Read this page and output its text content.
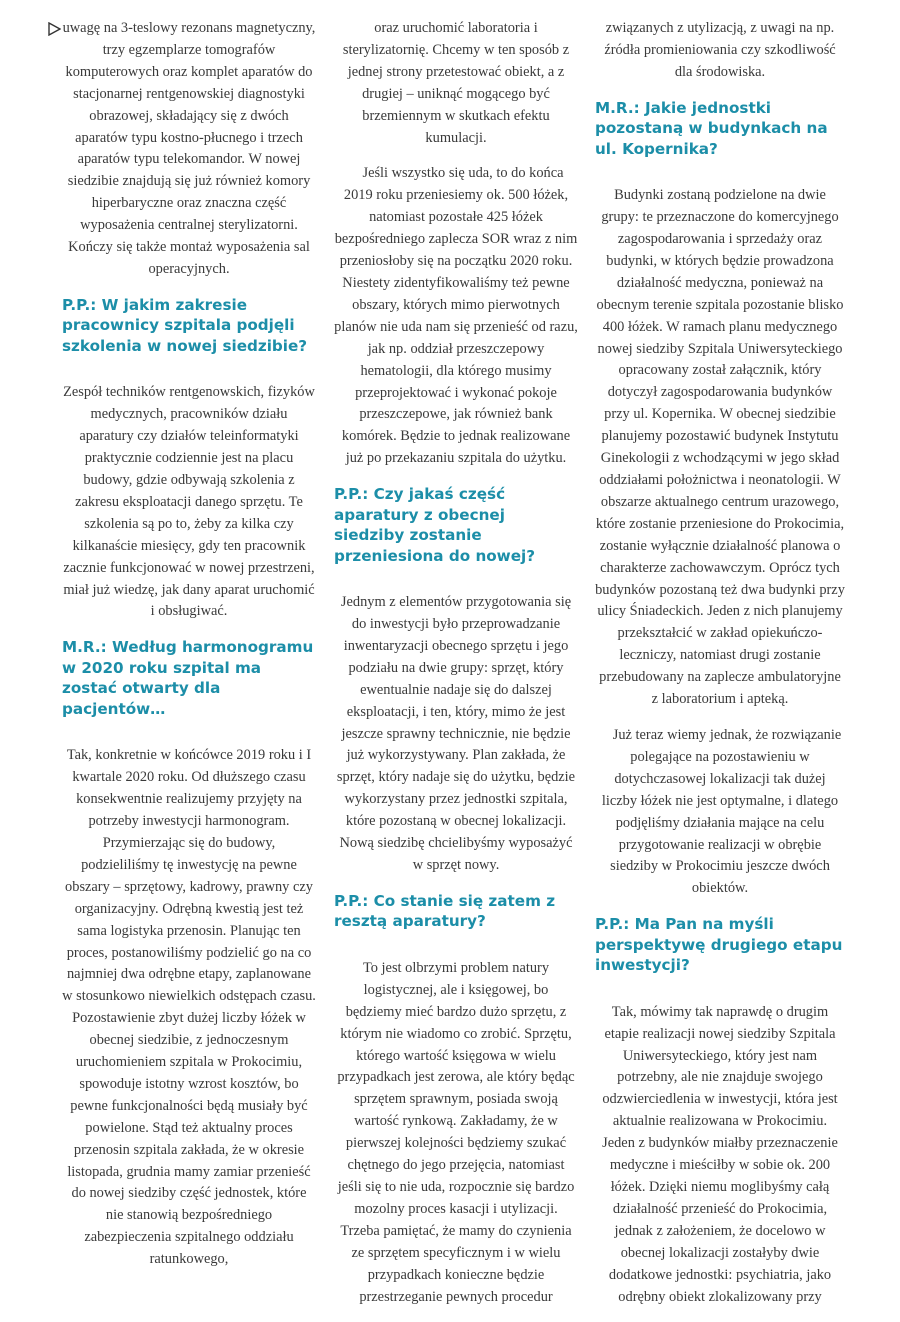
uwagę na 3-teslowy rezonans magnetyczny, trzy egzemplarze tomografów komputerowych oraz komplet aparatów do stacjonarnej rentgenowskiej diagnostyki obrazowej, składający się z dwóch aparatów typu kostno-płucnego i trzech aparatów typu telekomandor. W nowej siedzibie znajdują się już również komory hiperbaryczne oraz znaczna część wyposażenia centralnej sterylizatorni. Kończy się także montaż wyposażenia sal operacyjnych.

P.P.: W jakim zakresie pracownicy szpitala podjęli szkolenia w nowej siedzibie?

Zespół techników rentgenowskich, fizyków medycznych, pracowników działu aparatury czy działów teleinformatyki praktycznie codziennie jest na placu budowy, gdzie odbywają szkolenia z zakresu eksploatacji danego sprzętu. Te szkolenia są po to, żeby za kilka czy kilkanaście miesięcy, gdy ten pracownik zacznie funkcjonować w nowej przestrzeni, miał już wiedzę, jak dany aparat uruchomić i obsługiwać.

M.R.: Według harmonogramu w 2020 roku szpital ma zostać otwarty dla pacjentów…

Tak, konkretnie w końcówce 2019 roku i I kwartale 2020 roku. Od dłuższego czasu konsekwentnie realizujemy przyjęty na potrzeby inwestycji harmonogram. Przymierzając się do budowy, podzieliliśmy tę inwestycję na pewne obszary – sprzętowy, kadrowy, prawny czy organizacyjny. Odrębną kwestią jest też sama logistyka przenosin. Planując ten proces, postanowiliśmy podzielić go na co najmniej dwa odrębne etapy, zaplanowane w stosunkowo niewielkich odstępach czasu. Pozostawienie zbyt dużej liczby łóżek w obecnej siedzibie, z jednoczesnym uruchomieniem szpitala w Prokocimiu, spowoduje istotny wzrost kosztów, bo pewne funkcjonalności będą musiały być powielone. Stąd też aktualny proces przenosin szpitala zakłada, że w okresie listopada, grudnia mamy zamiar przenieść do nowej siedziby część jednostek, które nie stanowią bezpośredniego zabezpieczenia szpitalnego oddziału ratunkowego,

oraz uruchomić laboratoria i sterylizatornię. Chcemy w ten sposób z jednej strony przetestować obiekt, a z drugiej – uniknąć mogącego być brzemiennym w skutkach efektu kumulacji.

Jeśli wszystko się uda, to do końca 2019 roku przeniesiemy ok. 500 łóżek, natomiast pozostałe 425 łóżek bezpośredniego zaplecza SOR wraz z nim przeniosłoby się na początku 2020 roku. Niestety zidentyfikowaliśmy też pewne obszary, których mimo pierwotnych planów nie uda nam się przenieść od razu, jak np. oddział przeszczepowy hematologii, dla którego musimy przeprojektować i wykonać pokoje przeszczepowe, jak również bank komórek. Będzie to jednak realizowane już po przekazaniu szpitala do użytku.

P.P.: Czy jakaś część aparatury z obecnej siedziby zostanie przeniesiona do nowej?

Jednym z elementów przygotowania się do inwestycji było przeprowadzanie inwentaryzacji obecnego sprzętu i jego podziału na dwie grupy: sprzęt, który ewentualnie nadaje się do dalszej eksploatacji, i ten, który, mimo że jest jeszcze sprawny technicznie, nie będzie już wykorzystywany. Plan zakłada, że sprzęt, który nadaje się do użytku, będzie wykorzystany przez jednostki szpitala, które pozostaną w obecnej lokalizacji. Nową siedzibę chcielibyśmy wyposażyć w sprzęt nowy.

P.P.: Co stanie się zatem z resztą aparatury?

To jest olbrzymi problem natury logistycznej, ale i księgowej, bo będziemy mieć bardzo dużo sprzętu, z którym nie wiadomo co zrobić. Sprzętu, którego wartość księgowa w wielu przypadkach jest zerowa, ale który będąc sprzętem sprawnym, posiada swoją wartość rynkową. Zakładamy, że w pierwszej kolejności będziemy szukać chętnego do jego przejęcia, natomiast jeśli się to nie uda, rozpocznie się bardzo mozolny proces kasacji i utylizacji. Trzeba pamiętać, że mamy do czynienia ze sprzętem specyficznym i w wielu przypadkach konieczne będzie przestrzeganie pewnych procedur

związanych z utylizacją, z uwagi na np. źródła promieniowania czy szkodliwość dla środowiska.

M.R.: Jakie jednostki pozostaną w budynkach na ul. Kopernika?

Budynki zostaną podzielone na dwie grupy: te przeznaczone do komercyjnego zagospodarowania i sprzedaży oraz budynki, w których będzie prowadzona działalność medyczna, ponieważ na obecnym terenie szpitala pozostanie blisko 400 łóżek. W ramach planu medycznego nowej siedziby Szpitala Uniwersyteckiego opracowany został załącznik, który dotyczył zagospodarowania budynków przy ul. Kopernika. W obecnej siedzibie planujemy pozostawić budynek Instytutu Ginekologii z wchodzącymi w jego skład oddziałami położnictwa i neonatologii. W obszarze aktualnego centrum urazowego, które zostanie przeniesione do Prokocimia, zostanie wyłącznie działalność planowa o charakterze zachowawczym. Oprócz tych budynków pozostaną też dwa budynki przy ulicy Śniadeckich. Jeden z nich planujemy przekształcić w zakład opiekuńczo-leczniczy, natomiast drugi zostanie przebudowany na zaplecze ambulatoryjne z laboratorium i apteką.

Już teraz wiemy jednak, że rozwiązanie polegające na pozostawieniu w dotychczasowej lokalizacji tak dużej liczby łóżek nie jest optymalne, i dlatego podjęliśmy działania mające na celu przygotowanie realizacji w obrębie siedziby w Prokocimiu jeszcze dwóch obiektów.

P.P.: Ma Pan na myśli perspektywę drugiego etapu inwestycji?

Tak, mówimy tak naprawdę o drugim etapie realizacji nowej siedziby Szpitala Uniwersyteckiego, który jest nam potrzebny, ale nie znajduje swojego odzwierciedlenia w inwestycji, która jest aktualnie realizowana w Prokocimiu. Jeden z budynków miałby przeznaczenie medyczne i mieściłby w sobie ok. 200 łóżek. Dzięki niemu moglibyśmy całą działalność przenieść do Prokocimia, jednak z założeniem, że docelowo w obecnej lokalizacji zostałyby dwie dodatkowe jednostki: psychiatria, jako odrębny obiekt zlokalizowany przy
